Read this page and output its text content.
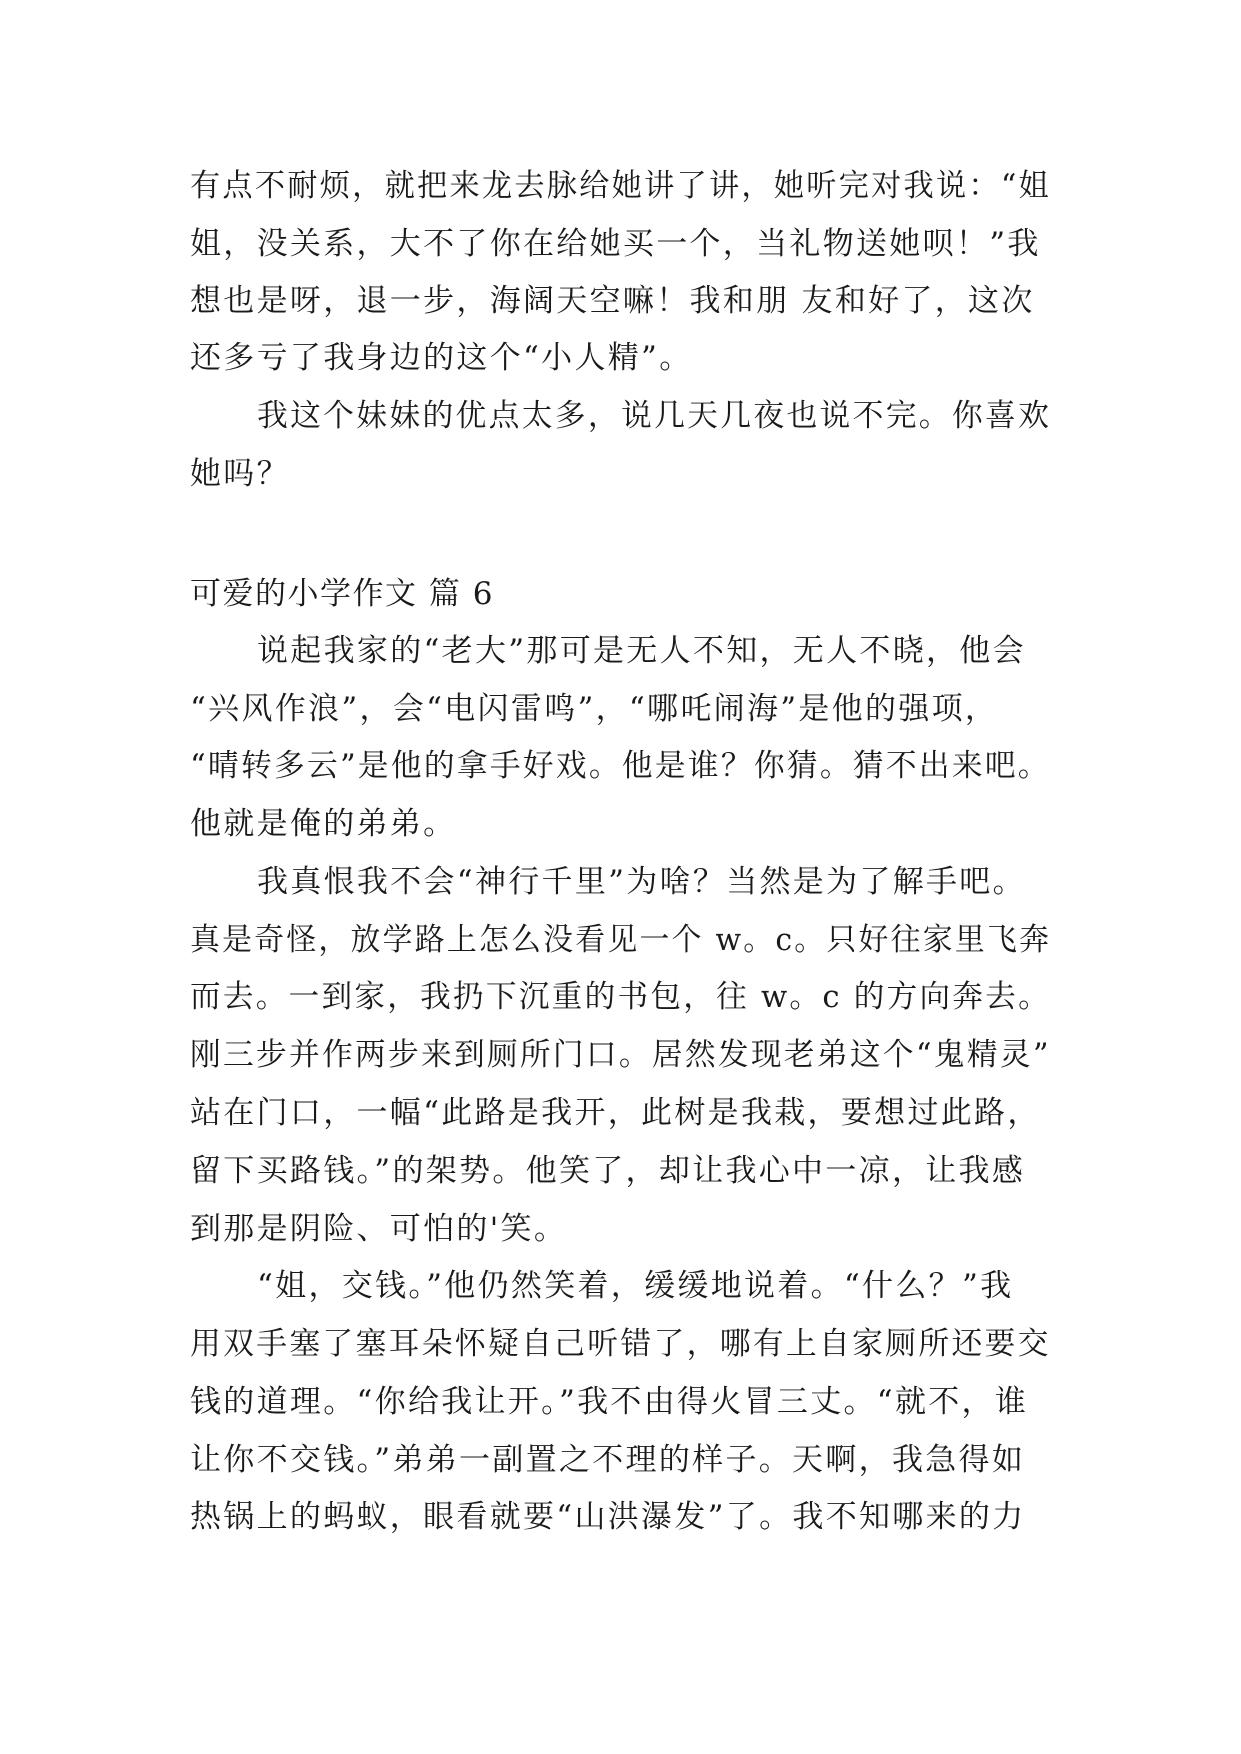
有点不耐烦，就把来龙去脉给她讲了讲，她听完对我说：“姐
姐，没关系，大不了你在给她买一个，当礼物送她呗！”我
想也是呀，退一步，海阔天空嘛！我和朋 友和好了，这次
还多亏了我身边的这个“小人精”。
我这个妹妹的优点太多，说几天几夜也说不完。你喜欢
她吗？
可爱的小学作文 篇 6
说起我家的“老大”那可是无人不知，无人不晓，他会
“兴风作浪”，会“电闪雷鸣”，“哪吒闹海”是他的强项，
“晴转多云”是他的拿手好戏。他是谁？你猜。猜不出来吧。
他就是俺的弟弟。
我真恨我不会“神行千里”为啥？当然是为了解手吧。
真是奇怪，放学路上怎么没看见一个 w。c。只好往家里飞奔
而去。一到家，我扔下沉重的书包，往 w。c 的方向奔去。
刚三步并作两步来到厕所门口。居然发现老弟这个“鬼精灵”
站在门口，一幅“此路是我开，此树是我栽，要想过此路，
留下买路钱。”的架势。他笑了，却让我心中一凉，让我感
到那是阴险、可怕的'笑。
“姐，交钱。”他仍然笑着，缓缓地说着。“什么？”我
用双手塞了塞耳朵怀疑自己听错了，哪有上自家厕所还要交
钱的道理。“你给我让开。”我不由得火冒三丈。“就不，谁
让你不交钱。”弟弟一副置之不理的样子。天啊，我急得如
热锅上的蚂蚁，眼看就要“山洪瀑发”了。我不知哪来的力
